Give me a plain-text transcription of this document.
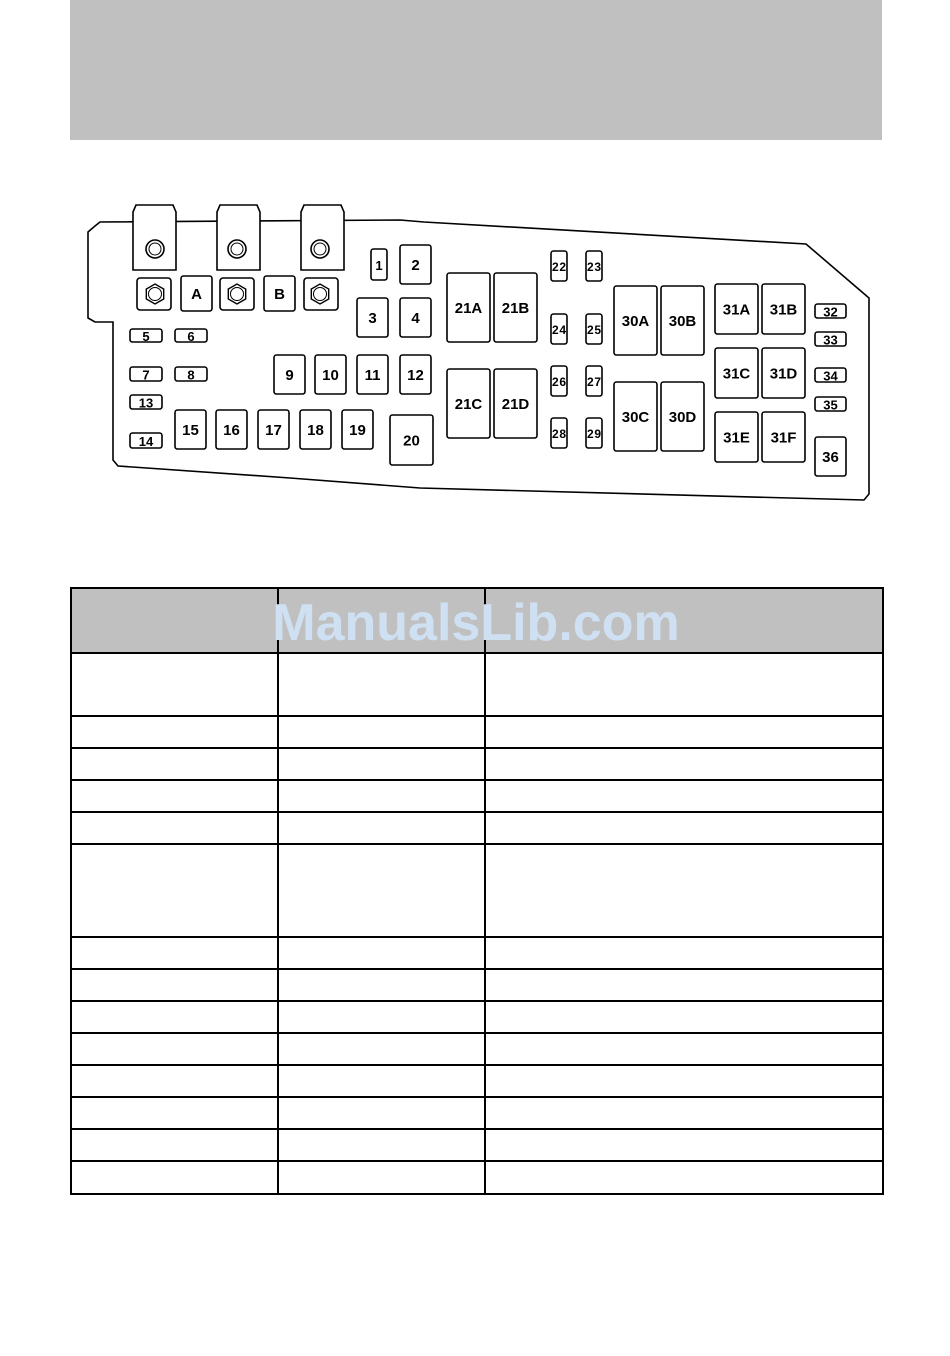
A	B
1 2
3 4
5	6
7	8	9 10 11 12
13
14
15 16 17 18 19
20
21A 21B
21C 21D
22 23
24 25
26 27
28 29
30A 30B
30C 30D
31A 31B
31C 31D
31E 31F
32
33
34
35
36

ManualsLib.com
